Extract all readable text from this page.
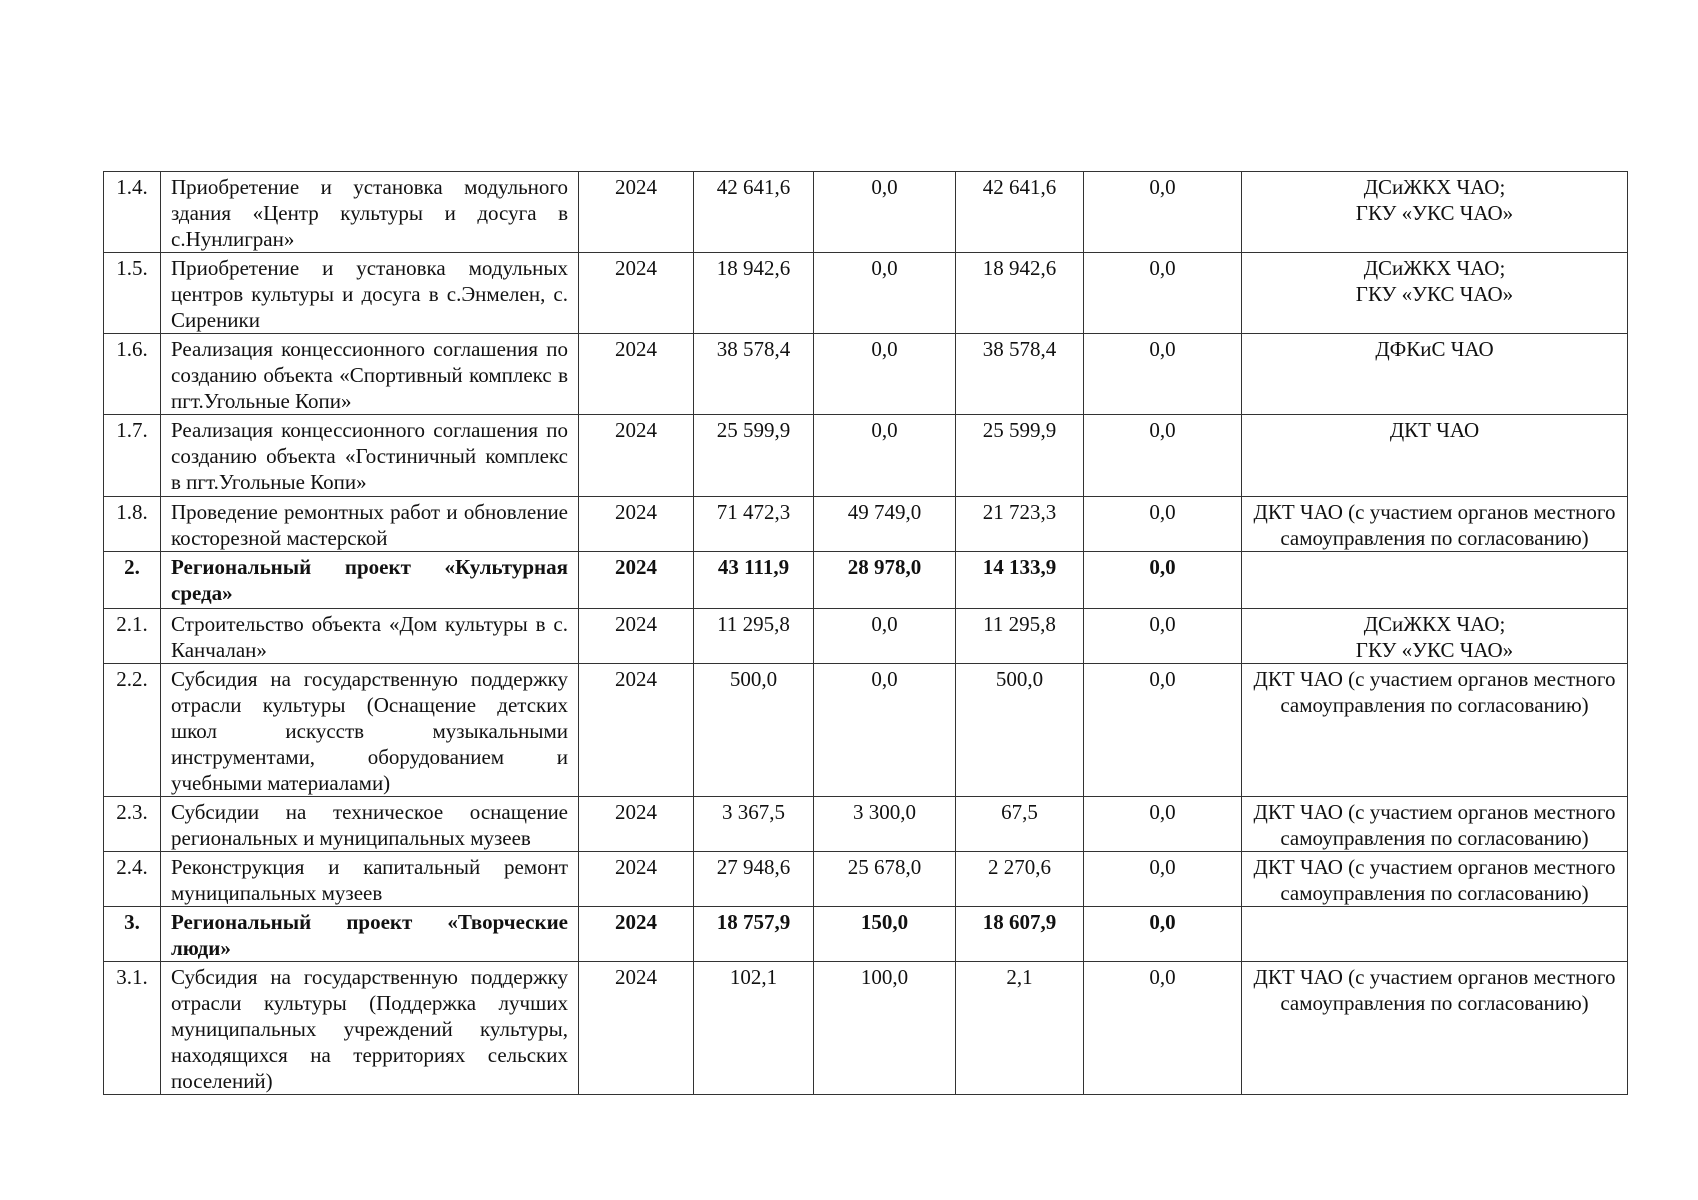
1.4.	Приобретение и установка модульного здания «Центр культуры и досуга в с.Нунлигран»	2024	42 641,6	0,0	42 641,6	0,0	ДСиЖКХ ЧАО;
ГКУ «УКС ЧАО»

1.5.	Приобретение и установка модульных центров культуры и досуга в с.Энмелен, с. Сиреники	2024	18 942,6	0,0	18 942,6	0,0	ДСиЖКХ ЧАО;
ГКУ «УКС ЧАО»

1.6.	Реализация концессионного соглашения по созданию объекта «Спортивный комплекс в пгт.Угольные Копи»	2024	38 578,4	0,0	38 578,4	0,0	ДФКиС ЧАО

1.7.	Реализация концессионного соглашения по созданию объекта «Гостиничный комплекс в пгт.Угольные Копи»	2024	25 599,9	0,0	25 599,9	0,0	ДКТ ЧАО

1.8.	Проведение ремонтных работ и обновление косторезной мастерской	2024	71 472,3	49 749,0	21 723,3	0,0	ДКТ ЧАО (с участием органов местного
самоуправления по согласованию)

2.	Региональный проект «Культурная среда»	2024	43 111,9	28 978,0	14 133,9	0,0	
2.1.	Строительство объекта «Дом культуры в с. Канчалан»	2024	11 295,8	0,0	11 295,8	0,0	ДСиЖКХ ЧАО;
ГКУ «УКС ЧАО»

2.2.	Субсидия на государственную поддержку отрасли культуры (Оснащение детских школ искусств музыкальными инструментами, оборудованием и учебными материалами)	2024	500,0	0,0	500,0	0,0	ДКТ ЧАО (с участием органов местного
самоуправления по согласованию)

2.3.	Субсидии на техническое оснащение региональных и муниципальных музеев	2024	3 367,5	3 300,0	67,5	0,0	ДКТ ЧАО (с участием органов местного
самоуправления по согласованию)

2.4.	Реконструкция и капитальный ремонт муниципальных музеев	2024	27 948,6	25 678,0	2 270,6	0,0	ДКТ ЧАО (с участием органов местного
самоуправления по согласованию)

3.	Региональный проект «Творческие люди»	2024	18 757,9	150,0	18 607,9	0,0	
3.1.	Субсидия на государственную поддержку отрасли культуры (Поддержка лучших муниципальных учреждений культуры, находящихся на территориях сельских поселений)	2024	102,1	100,0	2,1	0,0	ДКТ ЧАО (с участием органов местного
самоуправления по согласованию)
